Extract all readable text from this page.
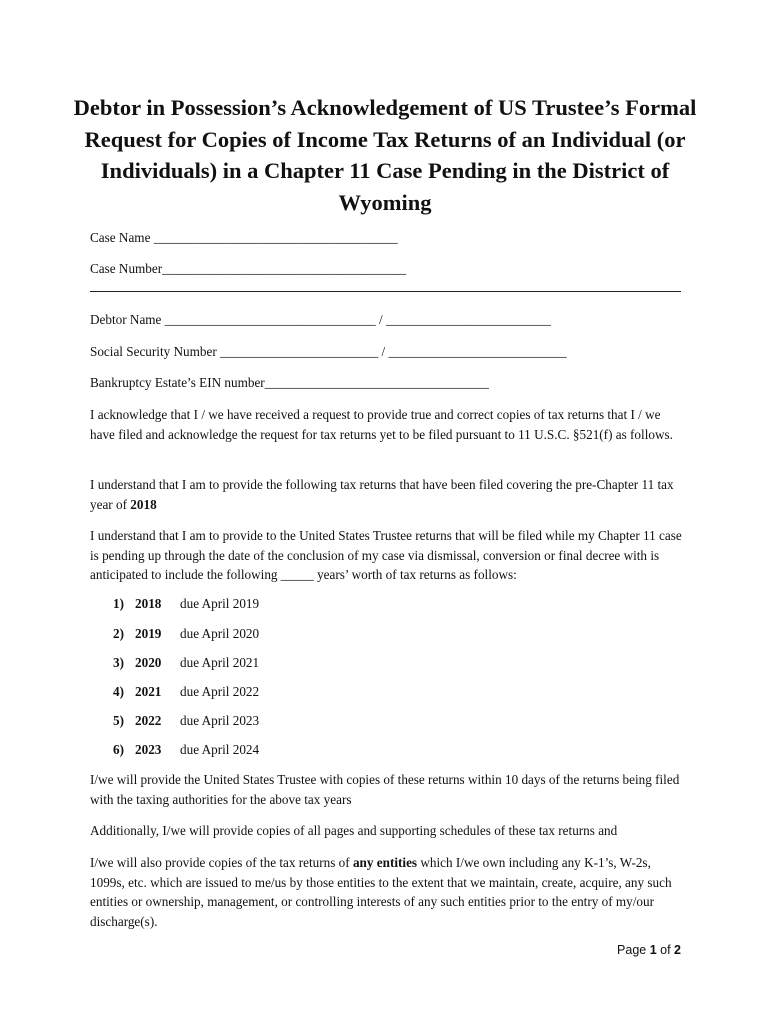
Debtor in Possession’s Acknowledgement of US Trustee’s Formal Request for Copies of Income Tax Returns of an Individual (or Individuals) in a Chapter 11 Case Pending in the District of Wyoming
Case Name _____________________________________
Case Number_____________________________________
Debtor Name ________________________________ / _________________________
Social Security Number ________________________ / ___________________________
Bankruptcy Estate’s EIN number__________________________________
I acknowledge that I / we have received a request to provide true and correct copies of tax returns that I / we have filed and acknowledge the request for tax returns yet to be filed pursuant to 11 U.S.C. §521(f) as follows.
I understand that I am to provide the following tax returns that have been filed covering the pre-Chapter 11 tax year of 2018
I understand that I am to provide to the United States Trustee returns that will be filed while my Chapter 11 case is pending up through the date of the conclusion of my case via dismissal, conversion or final decree with is anticipated to include the following _____ years’ worth of tax returns as follows:
1) 2018 due April 2019
2) 2019 due April 2020
3) 2020 due April 2021
4) 2021 due April 2022
5) 2022 due April 2023
6) 2023 due April 2024
I/we will provide the United States Trustee with copies of these returns within 10 days of the returns being filed with the taxing authorities for the above tax years
Additionally, I/we will provide copies of all pages and supporting schedules of these tax returns and
I/we will also provide copies of the tax returns of any entities which I/we own including any K-1’s, W-2s, 1099s, etc. which are issued to me/us by those entities to the extent that we maintain, create, acquire, any such entities or ownership, management, or controlling interests of any such entities prior to the entry of my/our discharge(s).
Page 1 of 2
